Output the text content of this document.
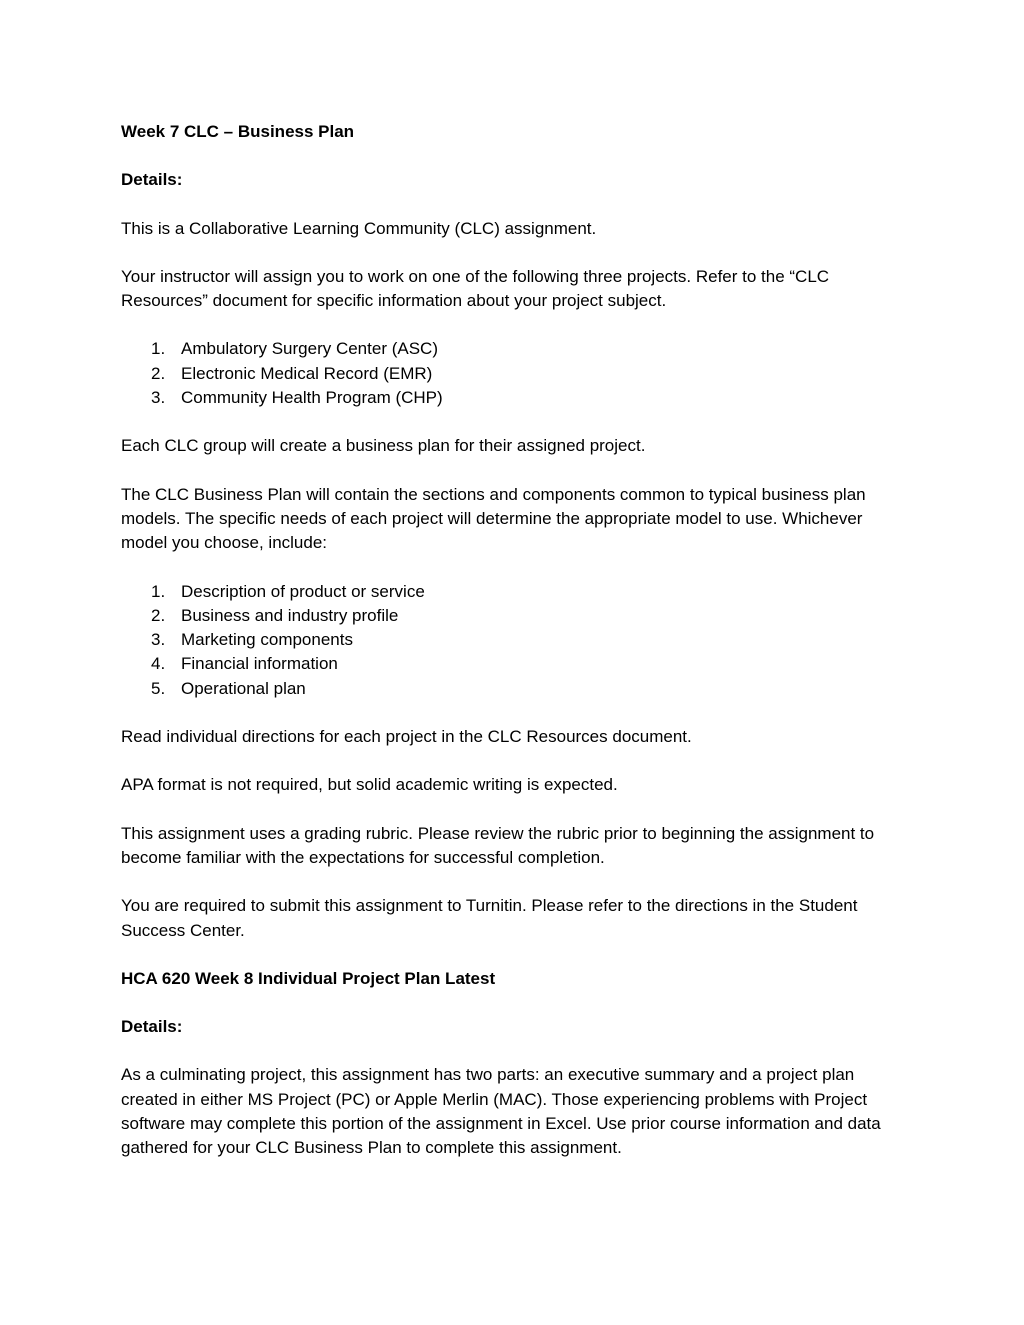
Week 7 CLC – Business Plan

Details:

This is a Collaborative Learning Community (CLC) assignment.

Your instructor will assign you to work on one of the following three projects. Refer to the “CLC Resources” document for specific information about your project subject.

1. Ambulatory Surgery Center (ASC)
2. Electronic Medical Record (EMR)
3. Community Health Program (CHP)

Each CLC group will create a business plan for their assigned project.

The CLC Business Plan will contain the sections and components common to typical business plan models. The specific needs of each project will determine the appropriate model to use. Whichever model you choose, include:

1. Description of product or service
2. Business and industry profile
3. Marketing components
4. Financial information
5. Operational plan

Read individual directions for each project in the CLC Resources document.

APA format is not required, but solid academic writing is expected.

This assignment uses a grading rubric. Please review the rubric prior to beginning the assignment to become familiar with the expectations for successful completion.

You are required to submit this assignment to Turnitin. Please refer to the directions in the Student Success Center.

HCA 620 Week 8 Individual Project Plan Latest

Details:

As a culminating project, this assignment has two parts: an executive summary and a project plan created in either MS Project (PC) or Apple Merlin (MAC). Those experiencing problems with Project software may complete this portion of the assignment in Excel. Use prior course information and data gathered for your CLC Business Plan to complete this assignment.
